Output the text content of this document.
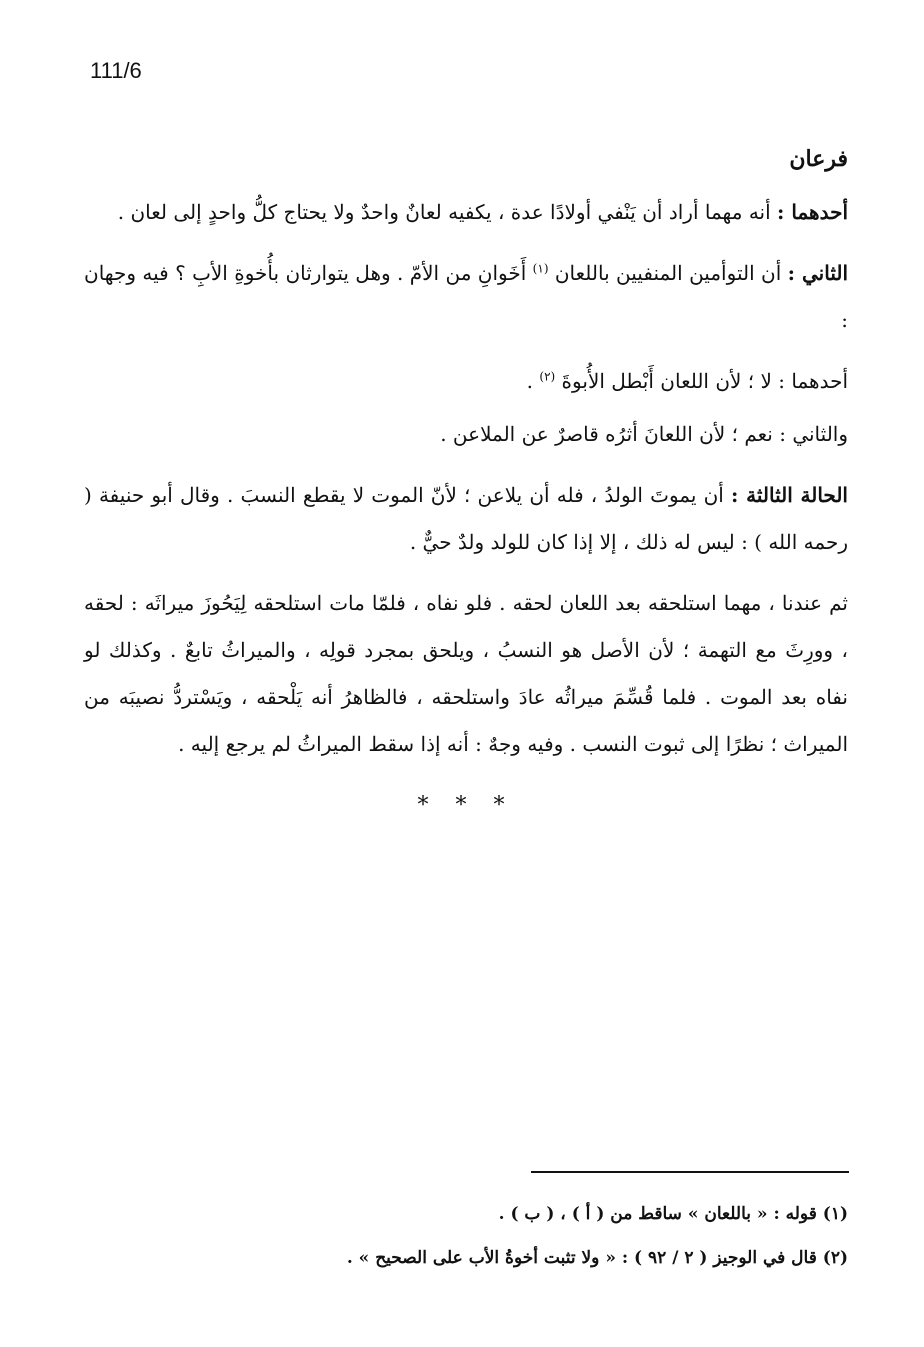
111/6

فرعان

أحدهما : أنه مهما أراد أن يَنْفي أولادًا عدة ، يكفيه لعانٌ واحدٌ ولا يحتاج كلُّ واحدٍ إلى لعان .

الثاني : أن التوأمين المنفيين باللعان $^{(١)}$ أَخَوانِ من الأمّ . وهل يتوارثان بأُخوةِ الأبِ ؟ فيه وجهان :

أحدهما : لا ؛ لأن اللعان أَبْطل الأُبوةَ $^{(٢)}$ .

والثاني : نعم ؛ لأن اللعانَ أثرُه قاصرٌ عن الملاعن .

الحالة الثالثة : أن يموتَ الولدُ ، فله أن يلاعن ؛ لأنّ الموت لا يقطع النسبَ . وقال أبو حنيفة ( رحمه الله ) : ليس له ذلك ، إلا إذا كان للولد ولدٌ حيٌّ .

ثم عندنا ، مهما استلحقه بعد اللعان لحقه . فلو نفاه ، فلمّا مات استلحقه لِيَحُوزَ ميراثَه : لحقه ، وورِثَ مع التهمة ؛ لأن الأصل هو النسبُ ، ويلحق بمجرد قولِه ، والميراثُ تابعٌ . وكذلك لو نفاه بعد الموت . فلما قُسِّمَ ميراثُه عادَ واستلحقه ، فالظاهرُ أنه يَلْحقه ، ويَسْتردُّ نصيبَه من الميراث ؛ نظرًا إلى ثبوت النسب . وفيه وجهٌ : أنه إذا سقط الميراثُ لم يرجع إليه .

* * *

(١) قوله : « باللعان » ساقط من ( أ ) ، ( ب ) .

(٢) قال في الوجيز ( ٢ / ٩٢ ) : « ولا تثبت أخوةُ الأب على الصحيح » .
